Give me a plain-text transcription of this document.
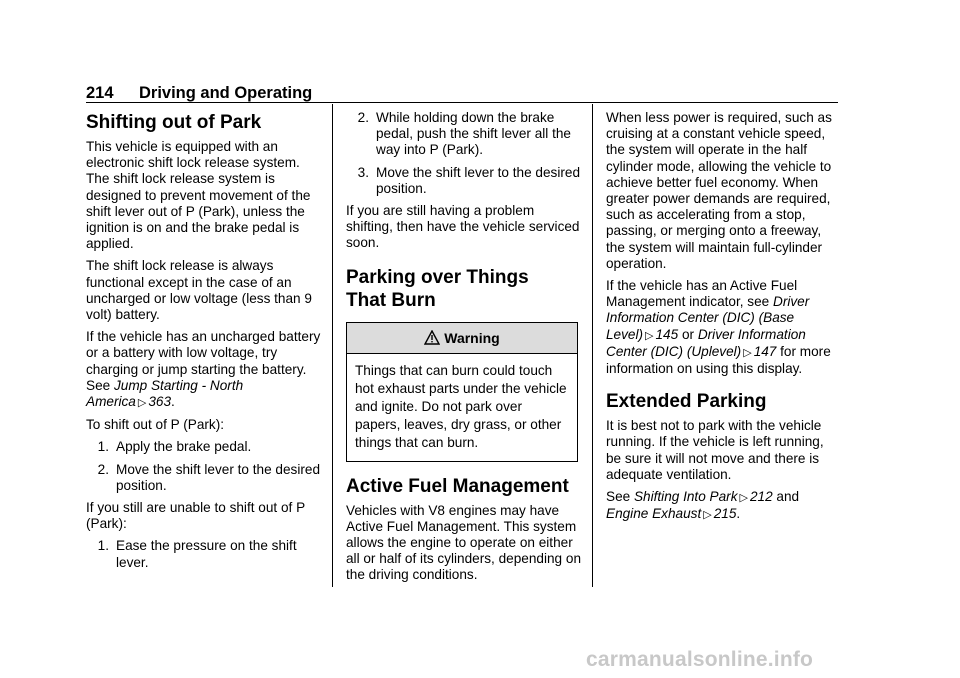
214 Driving and Operating
Shifting out of Park

This vehicle is equipped with an electronic shift lock release system. The shift lock release system is designed to prevent movement of the shift lever out of P (Park), unless the ignition is on and the brake pedal is applied.

The shift lock release is always functional except in the case of an uncharged or low voltage (less than 9 volt) battery.

If the vehicle has an uncharged battery or a battery with low voltage, try charging or jump starting the battery. See Jump Starting - North America ▷ 363.

To shift out of P (Park):

1. Apply the brake pedal.
2. Move the shift lever to the desired position.

If you still are unable to shift out of P (Park):

1. Ease the pressure on the shift lever.
2. While holding down the brake pedal, push the shift lever all the way into P (Park).
3. Move the shift lever to the desired position.

If you are still having a problem shifting, then have the vehicle serviced soon.

Parking over Things
That Burn
Warning
Things that can burn could touch hot exhaust parts under the vehicle and ignite. Do not park over papers, leaves, dry grass, or other things that can burn.
Active Fuel Management

Vehicles with V8 engines may have Active Fuel Management. This system allows the engine to operate on either all or half of its cylinders, depending on the driving conditions.

When less power is required, such as cruising at a constant vehicle speed, the system will operate in the half cylinder mode, allowing the vehicle to achieve better fuel economy. When greater power demands are required, such as accelerating from a stop, passing, or merging onto a freeway, the system will maintain full-cylinder operation.

If the vehicle has an Active Fuel Management indicator, see Driver Information Center (DIC) (Base Level) ▷ 145 or Driver Information Center (DIC) (Uplevel) ▷ 147 for more information on using this display.

Extended Parking

It is best not to park with the vehicle running. If the vehicle is left running, be sure it will not move and there is adequate ventilation.

See Shifting Into Park ▷ 212 and Engine Exhaust ▷ 215.

carmanualsonline.info
